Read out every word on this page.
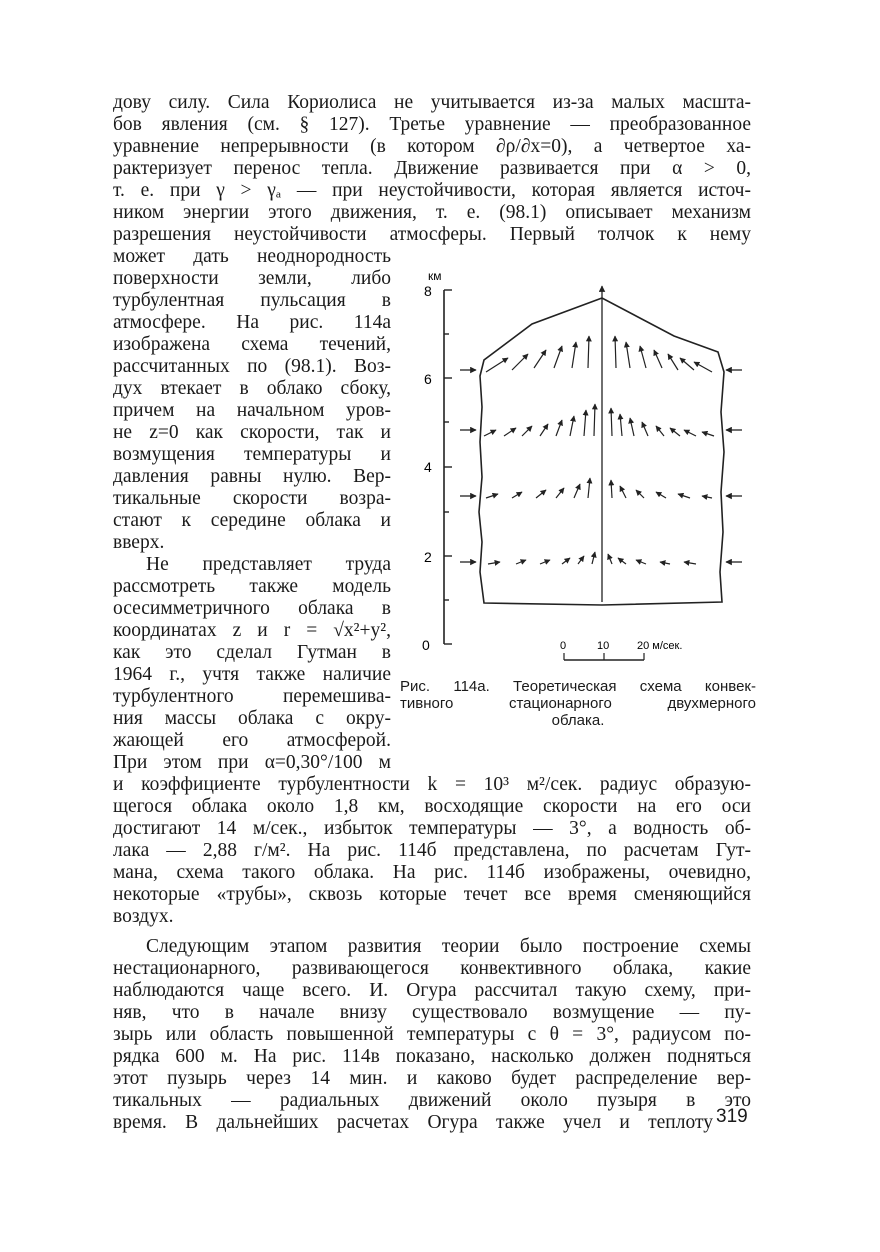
дову силу. Сила Кориолиса не учитывается из-за малых масшта-
бов явления (см. § 127). Третье уравнение — преобразованное
уравнение непрерывности (в котором ∂ρ/∂x=0), а четвертое ха-
рактеризует перенос тепла. Движение развивается при α > 0,
т. е. при γ > γₐ — при неустойчивости, которая является источ-
ником энергии этого движения, т. е. (98.1) описывает механизм
разрешения неустойчивости атмосферы. Первый толчок к нему
может дать неоднородность
поверхности земли, либо
турбулентная пульсация в
атмосфере. На рис. 114а
изображена схема течений,
рассчитанных по (98.1). Воз-
дух втекает в облако сбоку,
причем на начальном уров-
не z=0 как скорости, так и
возмущения температуры и
давления равны нулю. Вер-
тикальные скорости возра-
стают к середине облака и
вверх.
Не представляет труда
рассмотреть также модель
осесимметричного облака в
координатах z и r = √x²+y²,
как это сделал Гутман в
1964 г., учтя также наличие
турбулентного перемешива-
ния массы облака с окру-
жающей его атмосферой.
При этом при α=0,30°/100 м
и коэффициенте турбулентности k = 10³ м²/сек. радиус образую-
щегося облака около 1,8 км, восходящие скорости на его оси
достигают 14 м/сек., избыток температуры — 3°, а водность об-
лака — 2,88 г/м². На рис. 114б представлена, по расчетам Гут-
мана, схема такого облака. На рис. 114б изображены, очевидно,
некоторые «трубы», сквозь которые течет все время сменяющийся
воздух.
Следующим этапом развития теории было построение схемы
нестационарного, развивающегося конвективного облака, какие
наблюдаются чаще всего. И. Огура рассчитал такую схему, при-
няв, что в начале внизу существовало возмущение — пу-
зырь или область повышенной температуры с θ = 3°, радиусом по-
рядка 600 м. На рис. 114в показано, насколько должен подняться
этот пузырь через 14 мин. и каково будет распределение вер-
тикальных — радиальных движений около пузыря в это
время. В дальнейших расчетах Огура также учел и теплоту
км
8
6
4
2
0	0	10	20 м/сек.
Рис. 114а. Теоретическая схема конвек-
тивного стационарного двухмерного
облака.
319
